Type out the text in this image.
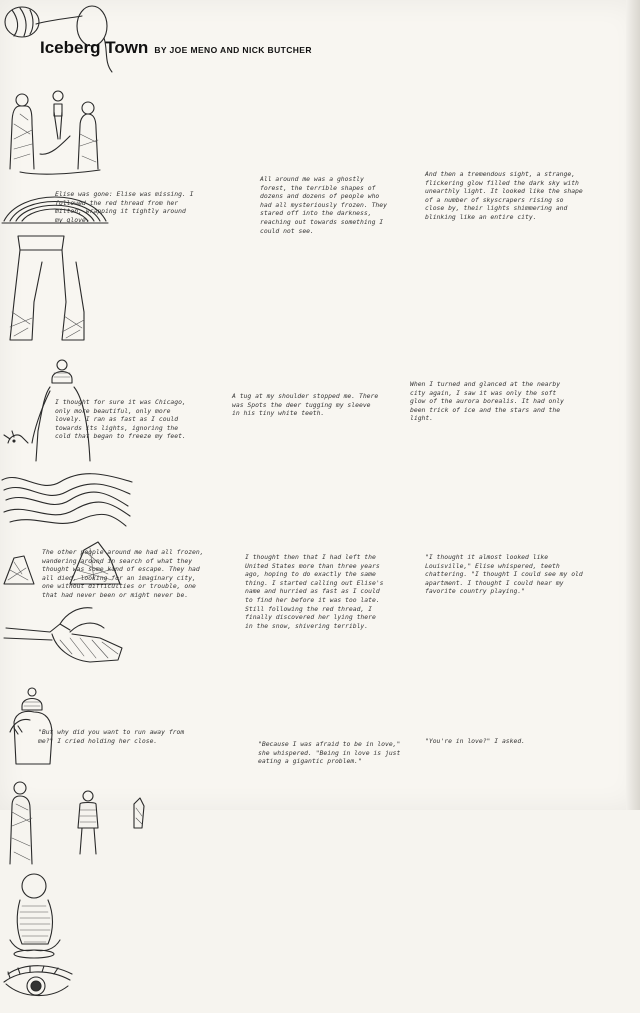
Iceberg Town BY JOE MENO AND NICK BUTCHER
Elise was gone: Elise was missing. I followed the red thread from her mitten, wrapping it tightly around my glove.
All around me was a ghostly forest, the terrible shapes of dozens and dozens of people who had all mysteriously frozen. They stared off into the darkness, reaching out towards something I could not see.
And then a tremendous sight, a strange, flickering glow filled the dark sky with unearthly light. It looked like the shape of a number of skyscrapers rising so close by, their lights shimmering and blinking like an entire city.
I thought for sure it was Chicago, only more beautiful, only more lovely. I ran as fast as I could towards its lights, ignoring the cold that began to freeze my feet.
A tug at my shoulder stopped me. There was Spots the deer tugging my sleeve in his tiny white teeth.
When I turned and glanced at the nearby city again, I saw it was only the soft glow of the aurora borealis. It had only been trick of ice and the stars and the light.
The other people around me had all frozen, wandering around in search of what they thought was some kind of escape. They had all died, looking for an imaginary city, one without difficulties or trouble, one that had never been or might never be.
I thought then that I had left the United States more than three years ago, hoping to do exactly the same thing. I started calling out Elise's name and hurried as fast as I could to find her before it was too late. Still following the red thread, I finally discovered her lying there in the snow, shivering terribly.
"I thought it almost looked like Louisville," Elise whispered, teeth chattering. "I thought I could see my old apartment. I thought I could hear my favorite country playing."
"But why did you want to run away from me?" I cried holding her close.	"Because I was afraid to be in love," she whispered. "Being in love is just eating a gigantic problem."
"You're in love?" I asked.
